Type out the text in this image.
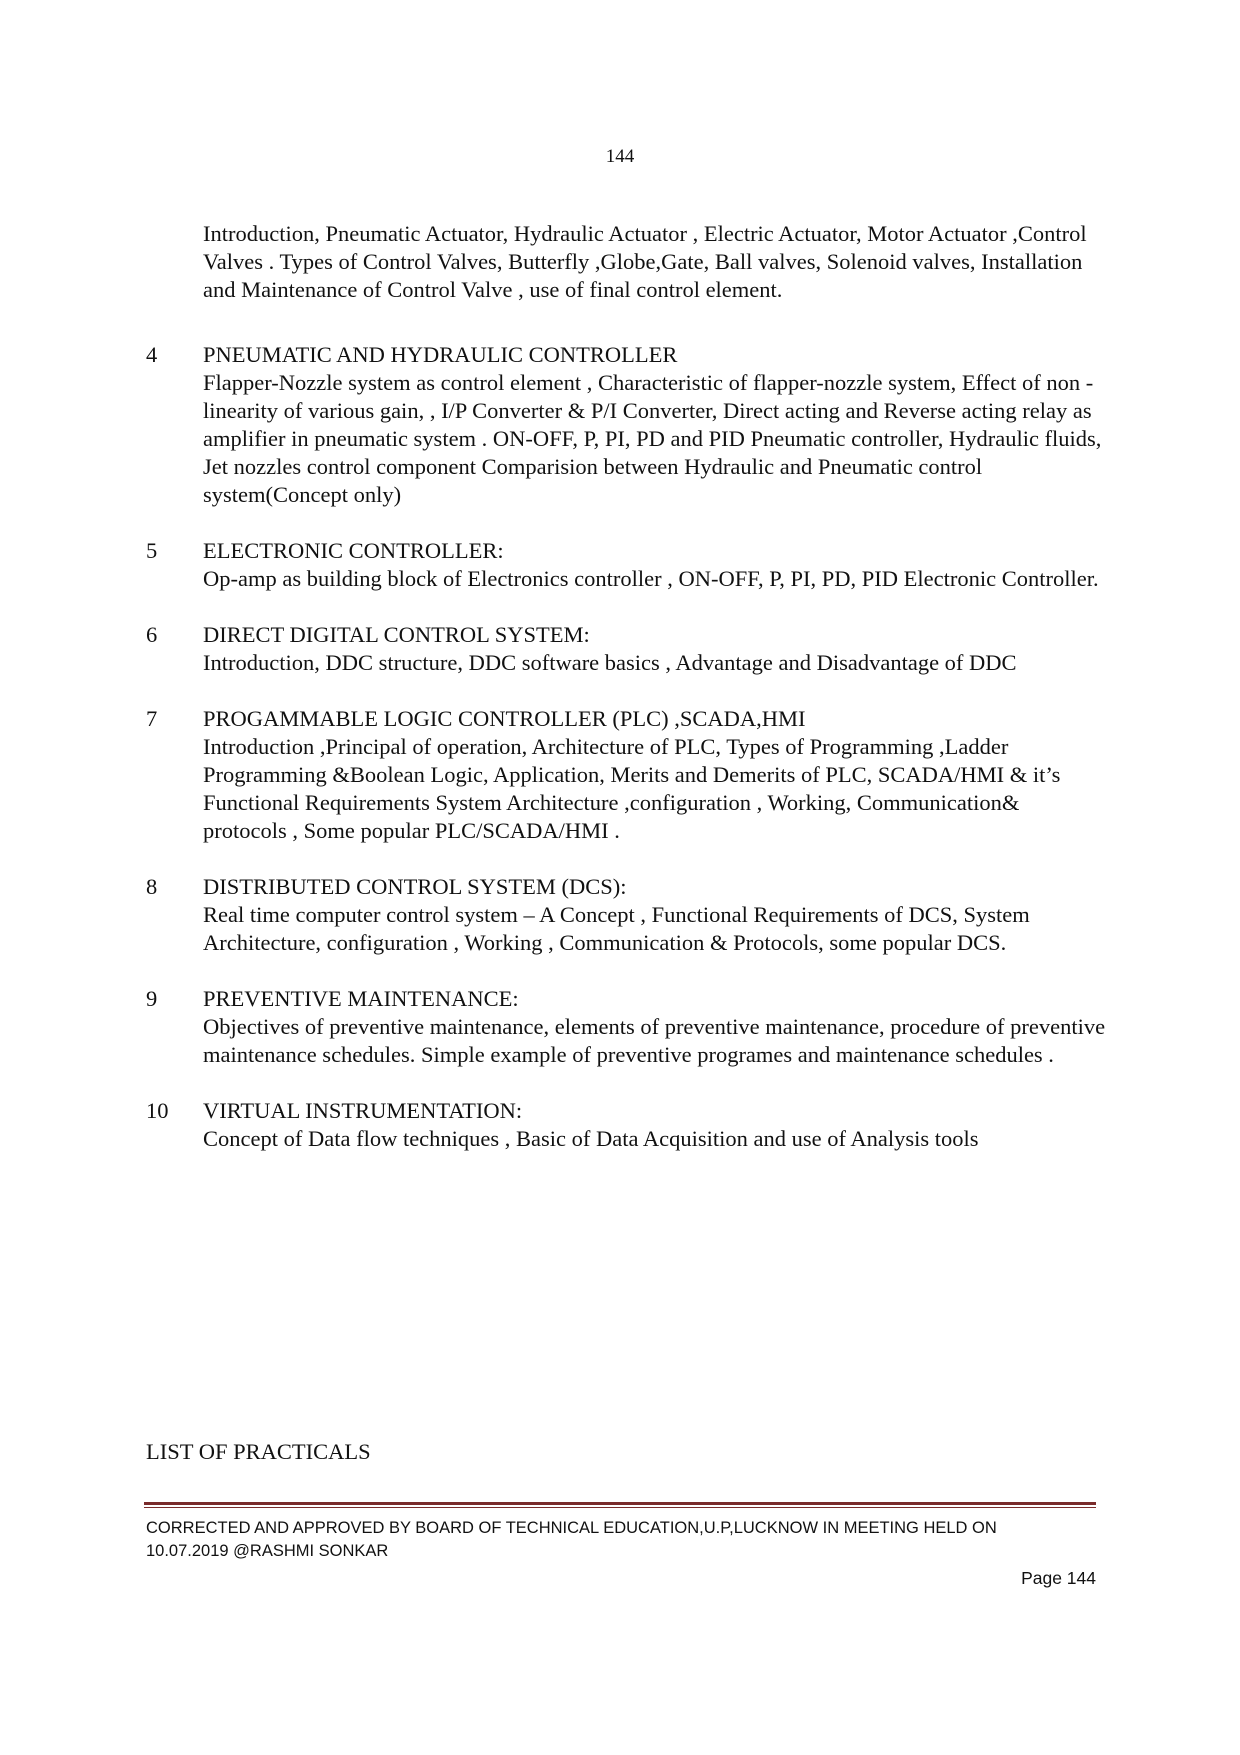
144
Introduction, Pneumatic Actuator, Hydraulic Actuator , Electric Actuator, Motor Actuator ,Control Valves . Types of Control Valves, Butterfly ,Globe,Gate, Ball valves, Solenoid valves, Installation and Maintenance of Control Valve , use of final control element.
4	PNEUMATIC AND HYDRAULIC CONTROLLER
Flapper-Nozzle system as control element , Characteristic of flapper-nozzle system, Effect of non -linearity of various gain, , I/P Converter & P/I Converter, Direct acting and Reverse acting relay as amplifier in pneumatic system . ON-OFF, P, PI, PD and PID Pneumatic controller, Hydraulic fluids, Jet nozzles control component Comparision between Hydraulic and Pneumatic control system(Concept only)
5	ELECTRONIC CONTROLLER:
Op-amp as building block of Electronics controller , ON-OFF, P, PI, PD, PID Electronic Controller.
6	DIRECT DIGITAL CONTROL SYSTEM:
Introduction, DDC structure, DDC software basics , Advantage and Disadvantage of DDC
7	PROGAMMABLE LOGIC CONTROLLER (PLC) ,SCADA,HMI
Introduction ,Principal of operation, Architecture of PLC, Types of Programming ,Ladder Programming &Boolean Logic, Application, Merits and Demerits of PLC, SCADA/HMI & it’s Functional Requirements System Architecture ,configuration , Working, Communication& protocols , Some popular PLC/SCADA/HMI .
8	DISTRIBUTED CONTROL SYSTEM (DCS):
Real time computer control system – A Concept , Functional Requirements of DCS, System Architecture, configuration , Working , Communication & Protocols, some popular DCS.
9	PREVENTIVE MAINTENANCE:
Objectives of preventive maintenance, elements of preventive maintenance, procedure of preventive maintenance schedules. Simple example of preventive programes and maintenance schedules .
10	VIRTUAL INSTRUMENTATION:
Concept of Data flow techniques , Basic of Data Acquisition and use of Analysis tools
LIST OF PRACTICALS
CORRECTED AND APPROVED BY BOARD OF TECHNICAL EDUCATION,U.P,LUCKNOW IN MEETING HELD ON
10.07.2019 @RASHMI SONKAR
Page 144
